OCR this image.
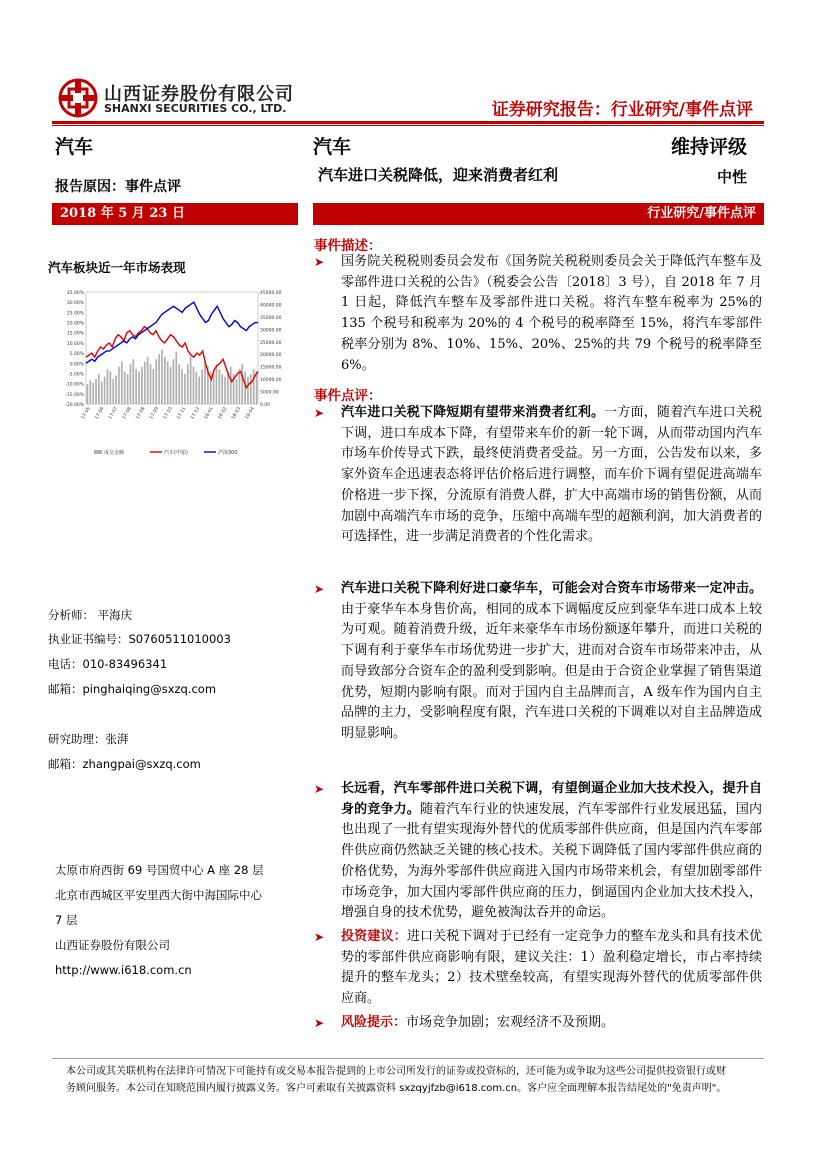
山西证券股份有限公司
SHANXI SECURITIES CO., LTD.	证券研究报告：行业研究/事件点评
汽车	汽车	维持评级
报告原因：事件点评
汽车进口关税降低，迎来消费者红利	中性
2018 年 5 月 23 日	行业研究/事件点评
汽车板块近一年市场表现
35.00%
30.00%
25.00%
20.00%
15.00%
10.00%
5.00%
0.00%
-5.00%
-10.00%
-15.00%
-20.00%
45000.00
40000.00
35000.00
30000.00
25000.00
20000.00
15000.00
10000.00
5000.00
0.00
17-05 17-06 17-07 17-08 17-08 17-09 17-10 17-11 17-12 18-01 18-02 18-03 18-04
成交金额	汽车(申银)	沪深300
分析师： 平海庆
执业证书编号：S0760511010003
电话：010-83496341
邮箱：pinghaiqing@sxzq.com
研究助理：张湃
邮箱：zhangpai@sxzq.com
太原市府西街 69 号国贸中心 A 座 28 层
北京市西城区平安里西大街中海国际中心
7 层
山西证券股份有限公司
http://www.i618.com.cn
事件描述：
➤ 国务院关税税则委员会发布《国务院关税税则委员会关于降低汽车整车及零部件进口关税的公告》（税委会公告〔2018〕3 号），自 2018 年 7 月 1 日起，降低汽车整车及零部件进口关税。将汽车整车税率为 25%的 135 个税号和税率为 20%的 4 个税号的税率降至 15%，将汽车零部件税率分别为 8%、10%、15%、20%、25%的共 79 个税号的税率降至 6%。
事件点评：
➤ 汽车进口关税下降短期有望带来消费者红利。一方面，随着汽车进口关税下调，进口车成本下降，有望带来车价的新一轮下调，从而带动国内汽车市场车价传导式下跌，最终使消费者受益。另一方面，公告发布以来，多家外资车企迅速表态将评估价格后进行调整，而车价下调有望促进高端车价格进一步下探，分流原有消费人群，扩大中高端市场的销售份额，从而加剧中高端汽车市场的竞争，压缩中高端车型的超额利润，加大消费者的可选择性，进一步满足消费者的个性化需求。
➤ 汽车进口关税下降利好进口豪华车，可能会对合资车市场带来一定冲击。由于豪华车本身售价高，相同的成本下调幅度反应到豪华车进口成本上较为可观。随着消费升级，近年来豪华车市场份额逐年攀升，而进口关税的下调有利于豪华车市场优势进一步扩大，进而对合资车市场带来冲击，从而导致部分合资车企的盈利受到影响。但是由于合资企业掌握了销售渠道优势，短期内影响有限。而对于国内自主品牌而言，A 级车作为国内自主品牌的主力，受影响程度有限，汽车进口关税的下调难以对自主品牌造成明显影响。
➤ 长远看，汽车零部件进口关税下调，有望倒逼企业加大技术投入，提升自身的竞争力。随着汽车行业的快速发展，汽车零部件行业发展迅猛，国内也出现了一批有望实现海外替代的优质零部件供应商，但是国内汽车零部件供应商仍然缺乏关键的核心技术。关税下调降低了国内零部件供应商的价格优势，为海外零部件供应商进入国内市场带来机会，有望加剧零部件市场竞争，加大国内零部件供应商的压力，倒逼国内企业加大技术投入，增强自身的技术优势，避免被淘汰吞并的命运。
➤ 投资建议：进口关税下调对于已经有一定竞争力的整车龙头和具有技术优势的零部件供应商影响有限，建议关注：1）盈利稳定增长，市占率持续提升的整车龙头；2）技术壁垒较高，有望实现海外替代的优质零部件供应商。
➤ 风险提示：市场竞争加剧；宏观经济不及预期。
本公司或其关联机构在法律许可情况下可能持有或交易本报告提到的上市公司所发行的证券或投资标的，还可能为或争取为这些公司提供投资银行或财
务顾问服务。本公司在知晓范围内履行披露义务。客户可索取有关披露资料 sxzqyjfzb@i618.com.cn。客户应全面理解本报告结尾处的"免责声明"。
